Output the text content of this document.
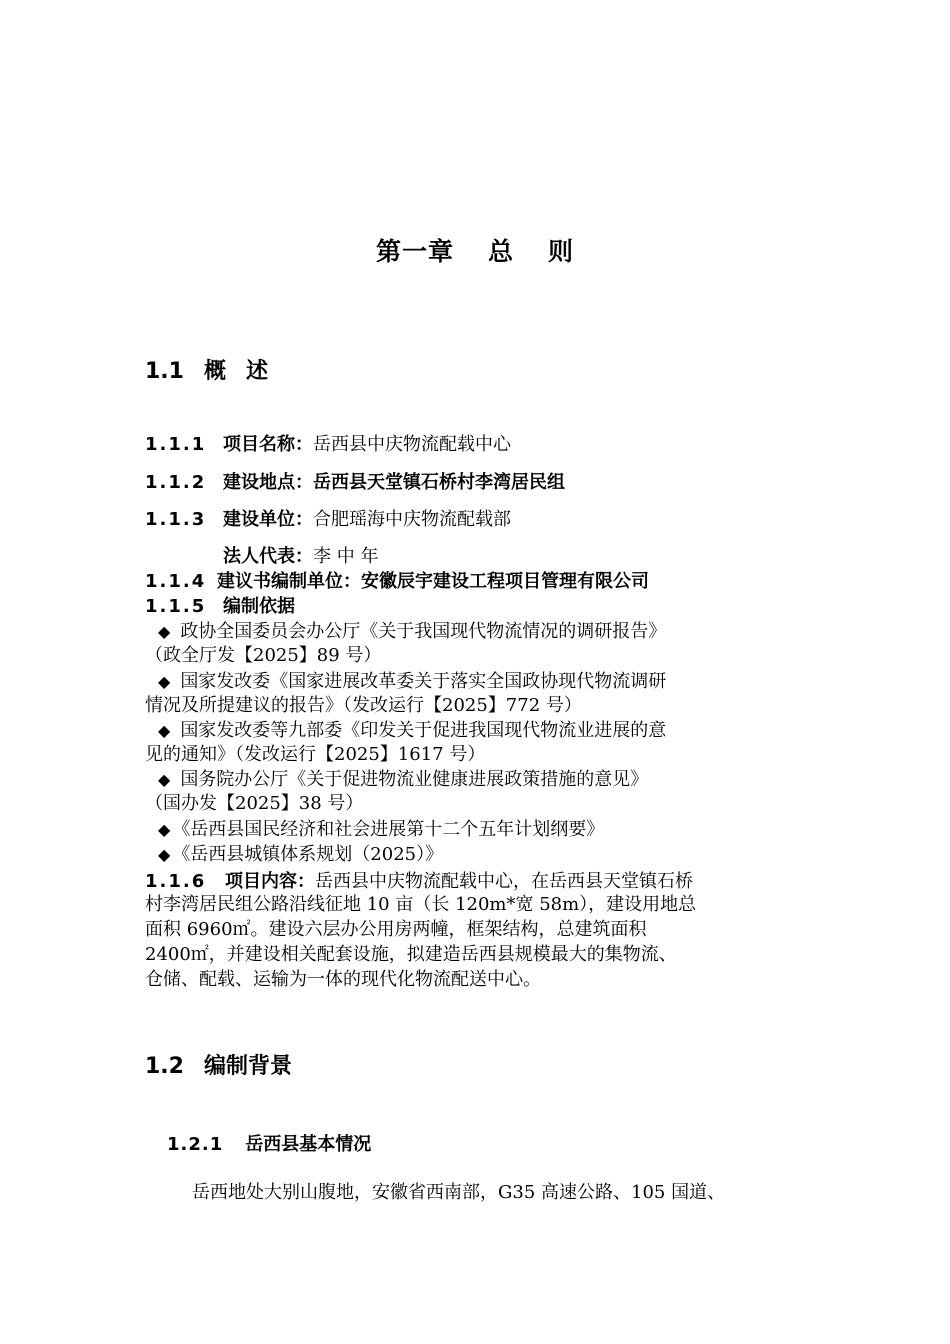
第一章 总 则
1.1 概 述
1.1.1 项目名称：岳西县中庆物流配载中心
1.1.2 建设地点：岳西县天堂镇石桥村李湾居民组
1.1.3 建设单位：合肥瑶海中庆物流配载部
法人代表：李 中 年
1.1.4 建议书编制单位：安徽辰宇建设工程项目管理有限公司
1.1.5 编制依据
◆ 政协全国委员会办公厅《关于我国现代物流情况的调研报告》
（政全厅发【2025】89 号）
◆ 国家发改委《国家进展改革委关于落实全国政协现代物流调研
情况及所提建议的报告》（发改运行【2025】772 号）
◆ 国家发改委等九部委《印发关于促进我国现代物流业进展的意
见的通知》（发改运行【2025】1617 号）
◆ 国务院办公厅《关于促进物流业健康进展政策措施的意见》
（国办发【2025】38 号）
◆ 《岳西县国民经济和社会进展第十二个五年计划纲要》
◆ 《岳西县城镇体系规划（2025）》
1.1.6 项目内容：岳西县中庆物流配载中心，在岳西县天堂镇石桥
村李湾居民组公路沿线征地 10 亩（长 120m*宽 58m），建设用地总
面积 6960㎡。建设六层办公用房两幢，框架结构，总建筑面积
2400㎡，并建设相关配套设施，拟建造岳西县规模最大的集物流、
仓储、配载、运输为一体的现代化物流配送中心。
1.2 编制背景
1.2.1 岳西县基本情况
岳西地处大别山腹地，安徽省西南部，G35 高速公路、105 国道、
